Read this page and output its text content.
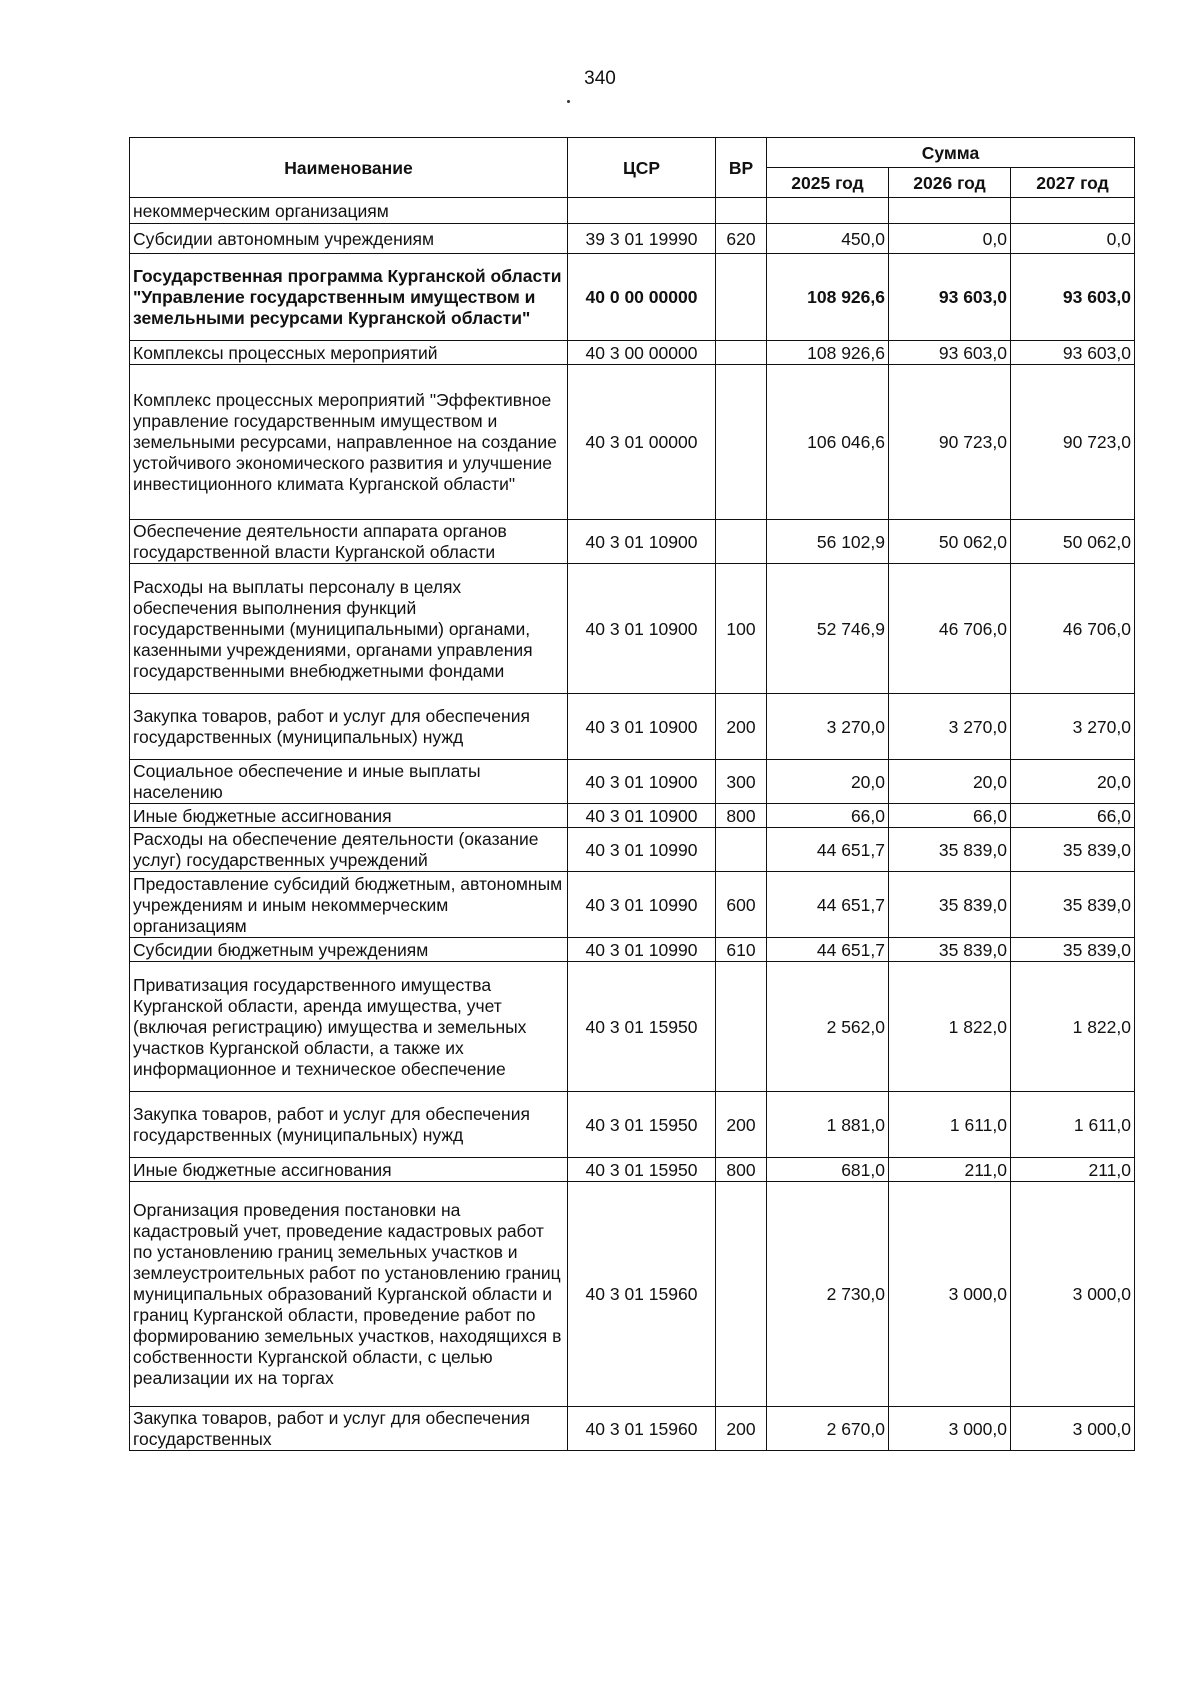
340
Наименование	ЦСР	ВР	Сумма		
			2025 год	2026 год	2027 год
некоммерческим организациям					
Субсидии автономным учреждениям	39 3 01 19990	620	450,0	0,0	0,0
Государственная программа Курганской области "Управление государственным имуществом и земельными ресурсами Курганской области"	40 0 00 00000		108 926,6	93 603,0	93 603,0
Комплексы процессных мероприятий	40 3 00 00000		108 926,6	93 603,0	93 603,0
Комплекс процессных мероприятий "Эффективное управление государственным имуществом и земельными ресурсами, направленное на создание устойчивого экономического развития и улучшение инвестиционного климата Курганской области"	40 3 01 00000		106 046,6	90 723,0	90 723,0
Обеспечение деятельности аппарата органов государственной власти Курганской области	40 3 01 10900		56 102,9	50 062,0	50 062,0
Расходы на выплаты персоналу в целях обеспечения выполнения функций государственными (муниципальными) органами, казенными учреждениями, органами управления государственными внебюджетными фондами	40 3 01 10900	100	52 746,9	46 706,0	46 706,0
Закупка товаров, работ и услуг для обеспечения государственных (муниципальных) нужд	40 3 01 10900	200	3 270,0	3 270,0	3 270,0
Социальное обеспечение и иные выплаты населению	40 3 01 10900	300	20,0	20,0	20,0
Иные бюджетные ассигнования	40 3 01 10900	800	66,0	66,0	66,0
Расходы на обеспечение деятельности (оказание услуг) государственных учреждений	40 3 01 10990		44 651,7	35 839,0	35 839,0
Предоставление субсидий бюджетным, автономным учреждениям и иным некоммерческим организациям	40 3 01 10990	600	44 651,7	35 839,0	35 839,0
Субсидии бюджетным учреждениям	40 3 01 10990	610	44 651,7	35 839,0	35 839,0
Приватизация государственного имущества Курганской области, аренда имущества, учет (включая регистрацию) имущества и земельных участков Курганской области, а также их информационное и техническое обеспечение	40 3 01 15950		2 562,0	1 822,0	1 822,0
Закупка товаров, работ и услуг для обеспечения государственных (муниципальных) нужд	40 3 01 15950	200	1 881,0	1 611,0	1 611,0
Иные бюджетные ассигнования	40 3 01 15950	800	681,0	211,0	211,0
Организация проведения постановки на кадастровый учет, проведение кадастровых работ по установлению границ земельных участков и землеустроительных работ по установлению границ муниципальных образований Курганской области и границ Курганской области, проведение работ по формированию земельных участков, находящихся в собственности Курганской области, с целью реализации их на торгах	40 3 01 15960		2 730,0	3 000,0	3 000,0
Закупка товаров, работ и услуг для обеспечения государственных	40 3 01 15960	200	2 670,0	3 000,0	3 000,0
